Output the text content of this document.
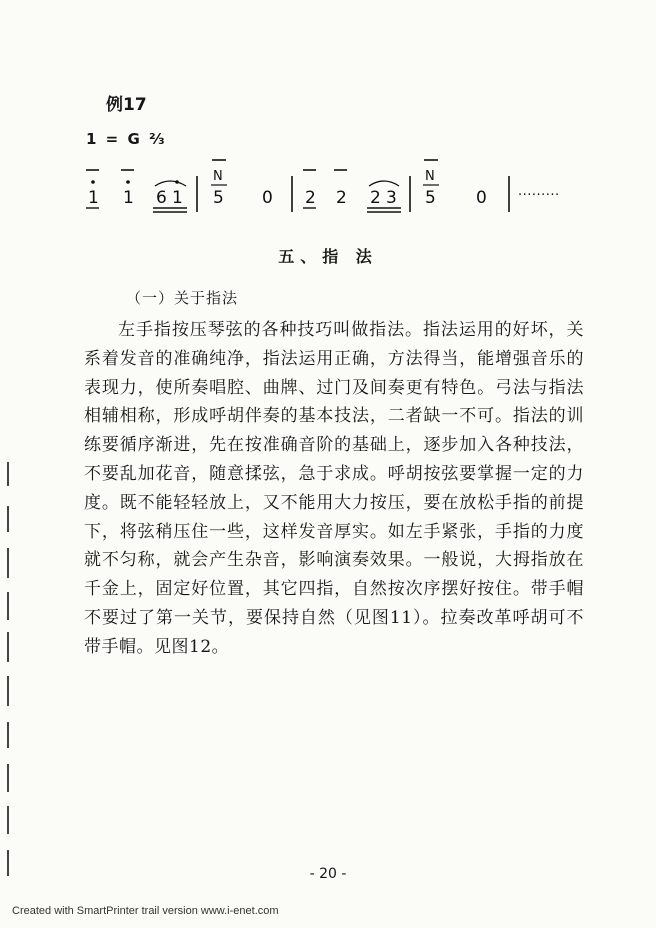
例17
1 = G ⅔
1 1 6 1
N
5 0 2 2 2 3
N
5 0 ·········
五、指 法
（一）关于指法

左手指按压琴弦的各种技巧叫做指法。指法运用的好坏，关系着发音的准确纯净，指法运用正确，方法得当，能增强音乐的表现力，使所奏唱腔、曲牌、过门及间奏更有特色。弓法与指法相辅相称，形成呼胡伴奏的基本技法，二者缺一不可。指法的训练要循序渐进，先在按准确音阶的基础上，逐步加入各种技法，不要乱加花音，随意揉弦，急于求成。呼胡按弦要掌握一定的力度。既不能轻轻放上，又不能用大力按压，要在放松手指的前提下，将弦稍压住一些，这样发音厚实。如左手紧张，手指的力度就不匀称，就会产生杂音，影响演奏效果。一般说，大拇指放在千金上，固定好位置，其它四指，自然按次序摆好按住。带手帽不要过了第一关节，要保持自然（见图11）。拉奏改革呼胡可不带手帽。见图12。

- 20 -
Created with SmartPrinter trail version www.i-enet.com
